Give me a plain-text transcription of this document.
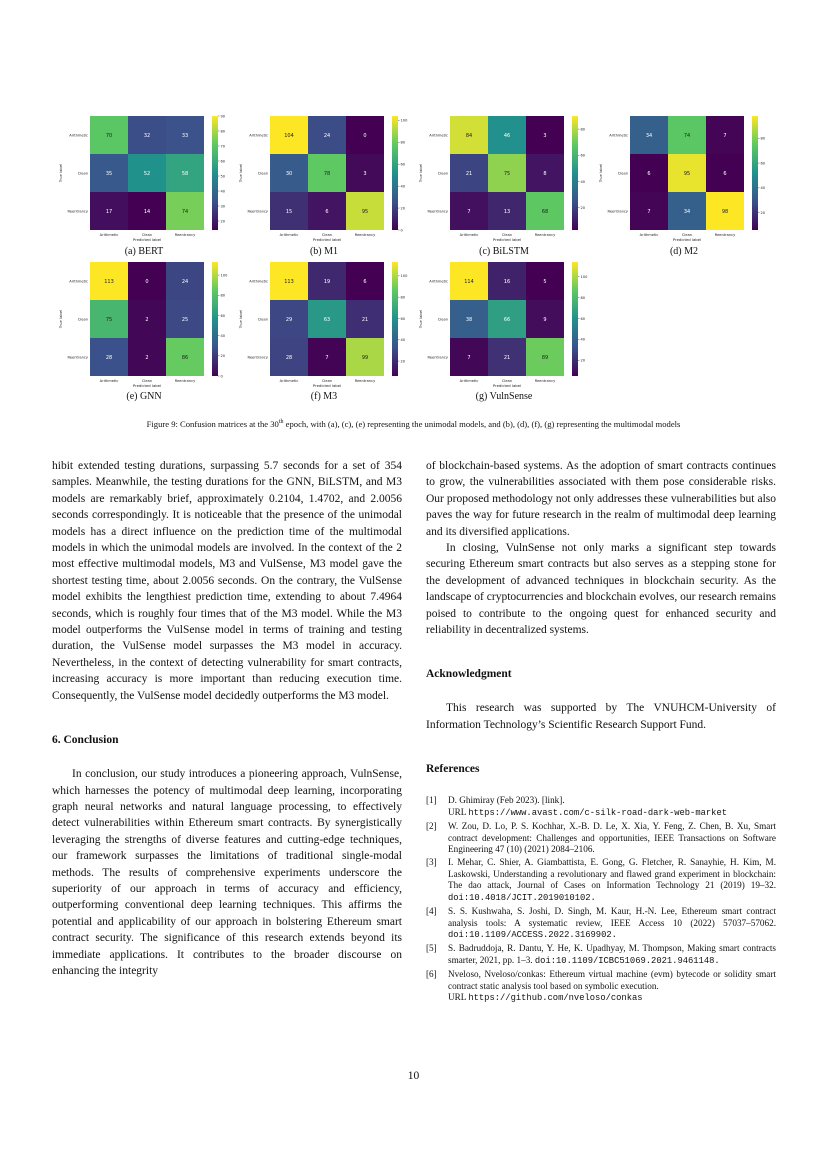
70	32	33
35	52	58
17	14	74
Arithmetic
Clean
Reentrancy
Arithmetic	Clean	Reentrancy
Predicted label
True label
90
80
70
60
50
40
30
20
104	24	0
30	78	3
15	6	95
Arithmetic
Clean
Reentrancy
Arithmetic	Clean	Reentrancy
Predicted label
True label
100
80
60
40
20
0
84	46	3
21	75	8
7	13	68
Arithmetic
Clean
Reentrancy
Arithmetic	Clean	Reentrancy
Predicted label
True label
80
60
40
20
34	74	7
6	95	6
7	34	98
Arithmetic
Clean
Reentrancy
Arithmetic	Clean	Reentrancy
Predicted label
True label
80
60
40
20
113	0	24
75	2	25
28	2	86
Arithmetic
Clean
Reentrancy
Arithmetic	Clean	Reentrancy
Predicted label
True label
100
80
60
40
20
0
113	19	6
29	63	21
28	7	99
Arithmetic
Clean
Reentrancy
Arithmetic	Clean	Reentrancy
Predicted label
True label
100
80
60
40
20
114	16	5
38	66	9
7	21	89
Arithmetic
Clean
Reentrancy
Arithmetic	Clean	Reentrancy
Predicted label
True label
100
80
60
40
20
(a) BERT	(b) M1	(c) BiLSTM	(d) M2
(e) GNN	(f) M3	(g) VulnSense
Figure 9: Confusion matrices at the 30th epoch, with (a), (c), (e) representing the unimodal models, and (b), (d), (f), (g) representing the multimodal models

hibit extended testing durations, surpassing 5.7 seconds for a set of 354 samples. Meanwhile, the testing durations for the GNN, BiLSTM, and M3 models are remarkably brief, approximately 0.2104, 1.4702, and 2.0056 seconds correspondingly. It is noticeable that the presence of the unimodal models has a direct influence on the prediction time of the multimodal models in which the unimodal models are involved. In the context of the 2 most effective multimodal models, M3 and VulSense, M3 model gave the shortest testing time, about 2.0056 seconds. On the contrary, the VulSense model exhibits the lengthiest prediction time, extending to about 7.4964 seconds, which is roughly four times that of the M3 model. While the M3 model outperforms the VulSense model in terms of training and testing duration, the VulSense model surpasses the M3 model in accuracy. Nevertheless, in the context of detecting vulnerability for smart contracts, increasing accuracy is more important than reducing execution time. Consequently, the VulSense model decidedly outperforms the M3 model.

6. Conclusion

In conclusion, our study introduces a pioneering approach, VulnSense, which harnesses the potency of multimodal deep learning, incorporating graph neural networks and natural language processing, to effectively detect vulnerabilities within Ethereum smart contracts. By synergistically leveraging the strengths of diverse features and cutting-edge techniques, our framework surpasses the limitations of traditional single-modal methods. The results of comprehensive experiments underscore the superiority of our approach in terms of accuracy and efficiency, outperforming conventional deep learning techniques. This affirms the potential and applicability of our approach in bolstering Ethereum smart contract security. The significance of this research extends beyond its immediate applications. It contributes to the broader discourse on enhancing the integrity

of blockchain-based systems. As the adoption of smart contracts continues to grow, the vulnerabilities associated with them pose considerable risks. Our proposed methodology not only addresses these vulnerabilities but also paves the way for future research in the realm of multimodal deep learning and its diversified applications.

In closing, VulnSense not only marks a significant step towards securing Ethereum smart contracts but also serves as a stepping stone for the development of advanced techniques in blockchain security. As the landscape of cryptocurrencies and blockchain evolves, our research remains poised to contribute to the ongoing quest for enhanced security and reliability in decentralized systems.

Acknowledgment

This research was supported by The VNUHCM-University of Information Technology’s Scientific Research Support Fund.

References
[1]	D. Ghimiray (Feb 2023). [link].
URL https://www.avast.com/c-silk-road-dark-web-market
[2]	W. Zou, D. Lo, P. S. Kochhar, X.-B. D. Le, X. Xia, Y. Feng, Z. Chen, B. Xu, Smart contract development: Challenges and opportunities, IEEE Transactions on Software Engineering 47 (10) (2021) 2084–2106.
[3]	I. Mehar, C. Shier, A. Giambattista, E. Gong, G. Fletcher, R. Sanayhie, H. Kim, M. Laskowski, Understanding a revolutionary and flawed grand experiment in blockchain: The dao attack, Journal of Cases on Information Technology 21 (2019) 19–32. doi:10.4018/JCIT.2019010102.
[4]	S. S. Kushwaha, S. Joshi, D. Singh, M. Kaur, H.-N. Lee, Ethereum smart contract analysis tools: A systematic review, IEEE Access 10 (2022) 57037–57062. doi:10.1109/ACCESS.2022.3169902.
[5]	S. Badruddoja, R. Dantu, Y. He, K. Upadhyay, M. Thompson, Making smart contracts smarter, 2021, pp. 1–3. doi:10.1109/ICBC51069.2021.9461148.
[6]	Nveloso, Nveloso/conkas: Ethereum virtual machine (evm) bytecode or solidity smart contract static analysis tool based on symbolic execution.
URL https://github.com/nveloso/conkas
10
